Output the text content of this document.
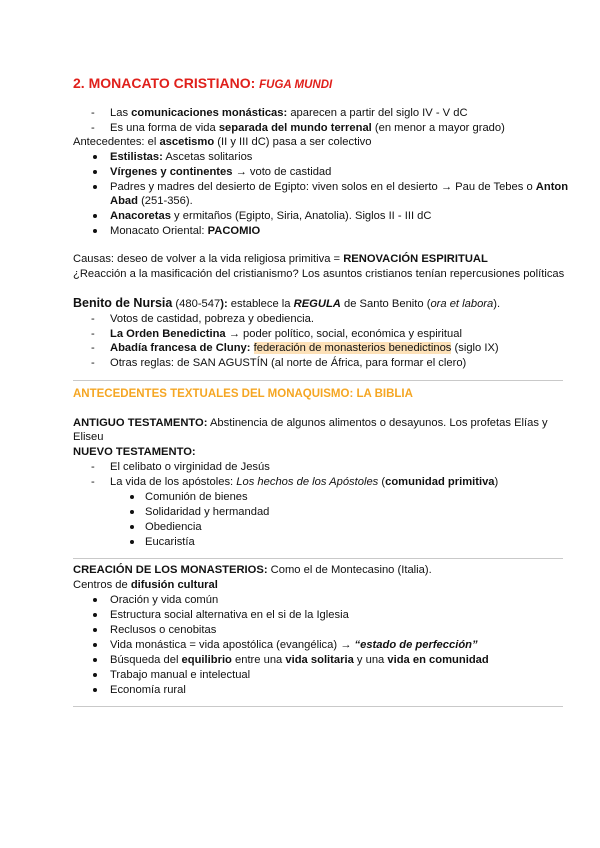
2. MONACATO CRISTIANO: FUGA MUNDI
- Las comunicaciones monásticas: aparecen a partir del siglo IV - V dC
- Es una forma de vida separada del mundo terrenal (en menor a mayor grado)
Antecedentes: el ascetismo (II y III dC) pasa a ser colectivo
Estilistas: Ascetas solitarios
Vírgenes y continentes → voto de castidad
Padres y madres del desierto de Egipto: viven solos en el desierto → Pau de Tebes o Anton
Abad (251-356).
Anacoretas y ermitaños (Egipto, Siria, Anatolia). Siglos II - III dC
Monacato Oriental: PACOMIO
Causas: deseo de volver a la vida religiosa primitiva = RENOVACIÓN ESPIRITUAL
¿Reacción a la masificación del cristianismo? Los asuntos cristianos tenían repercusiones políticas
Benito de Nursia (480-547): establece la REGULA de Santo Benito (ora et labora).
- Votos de castidad, pobreza y obediencia.
- La Orden Benedictina → poder político, social, económica y espiritual
- Abadía francesa de Cluny: federación de monasterios benedictinos (siglo IX)
- Otras reglas: de SAN AGUSTÍN (al norte de África, para formar el clero)
ANTECEDENTES TEXTUALES DEL MONAQUISMO: LA BIBLIA
ANTIGUO TESTAMENTO: Abstinencia de algunos alimentos o desayunos. Los profetas Elías y
Eliseu
NUEVO TESTAMENTO:
- El celibato o virginidad de Jesús
- La vida de los apóstoles: Los hechos de los Apóstoles (comunidad primitiva)
Comunión de bienes
Solidaridad y hermandad
Obediencia
Eucaristía
CREACIÓN DE LOS MONASTERIOS: Como el de Montecasino (Italia).
Centros de difusión cultural
Oración y vida común
Estructura social alternativa en el si de la Iglesia
Reclusos o cenobitas
Vida monástica = vida apostólica (evangélica) → “estado de perfección”
Búsqueda del equilibrio entre una vida solitaria y una vida en comunidad
Trabajo manual e intelectual
Economía rural
